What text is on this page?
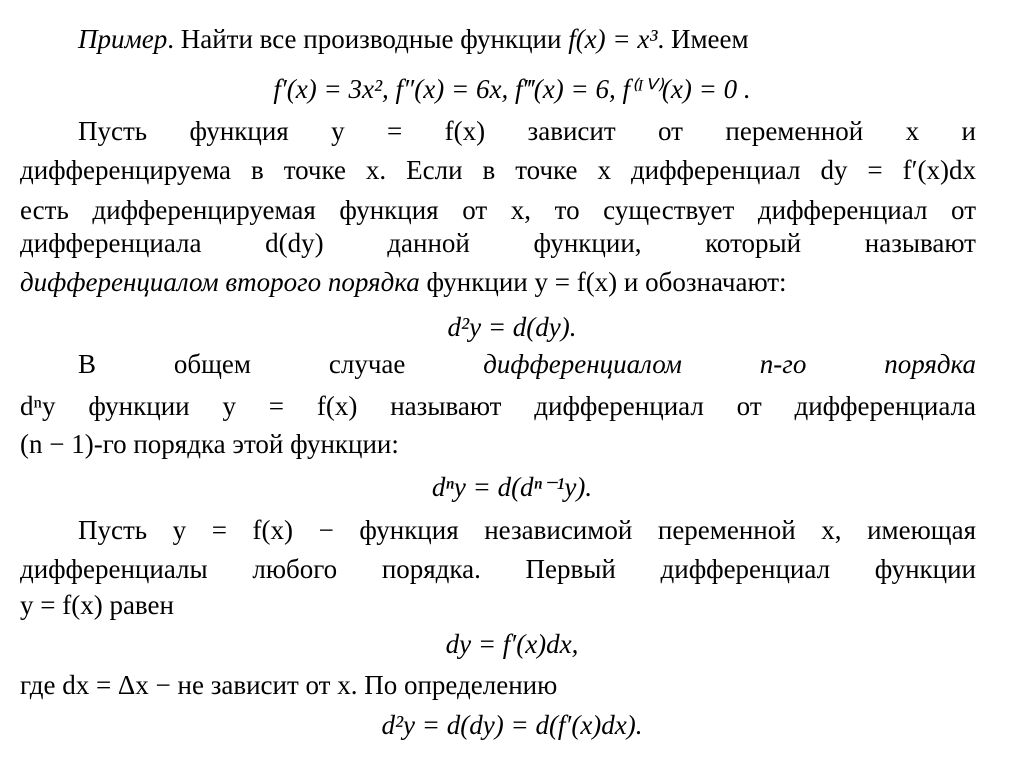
Пример. Найти все производные функции f(x) = x³. Имеем
f′(x) = 3x², f″(x) = 6x, f‴(x) = 6, f⁽ᴵⱽ⁾(x) = 0 .
Пусть функция y = f(x) зависит от переменной x и
дифференцируема в точке x. Если в точке x дифференциал dy = f′(x)dx
есть дифференцируемая функция от x, то существует дифференциал от
дифференциала d(dy) данной функции, который называют
дифференциалом второго порядка функции y = f(x) и обозначают:
d²y = d(dy).
В общем случае	дифференциалом n-го порядка
dⁿy функции y = f(x) называют дифференциал от дифференциала
(n − 1)-го порядка этой функции:
dⁿy = d(dⁿ⁻¹y).
Пусть y = f(x) − функция независимой переменной x, имеющая
дифференциалы любого порядка. Первый дифференциал функции
y = f(x) равен
dy = f′(x)dx,
где dx = Δx − не зависит от x. По определению
d²y = d(dy) = d(f′(x)dx).
